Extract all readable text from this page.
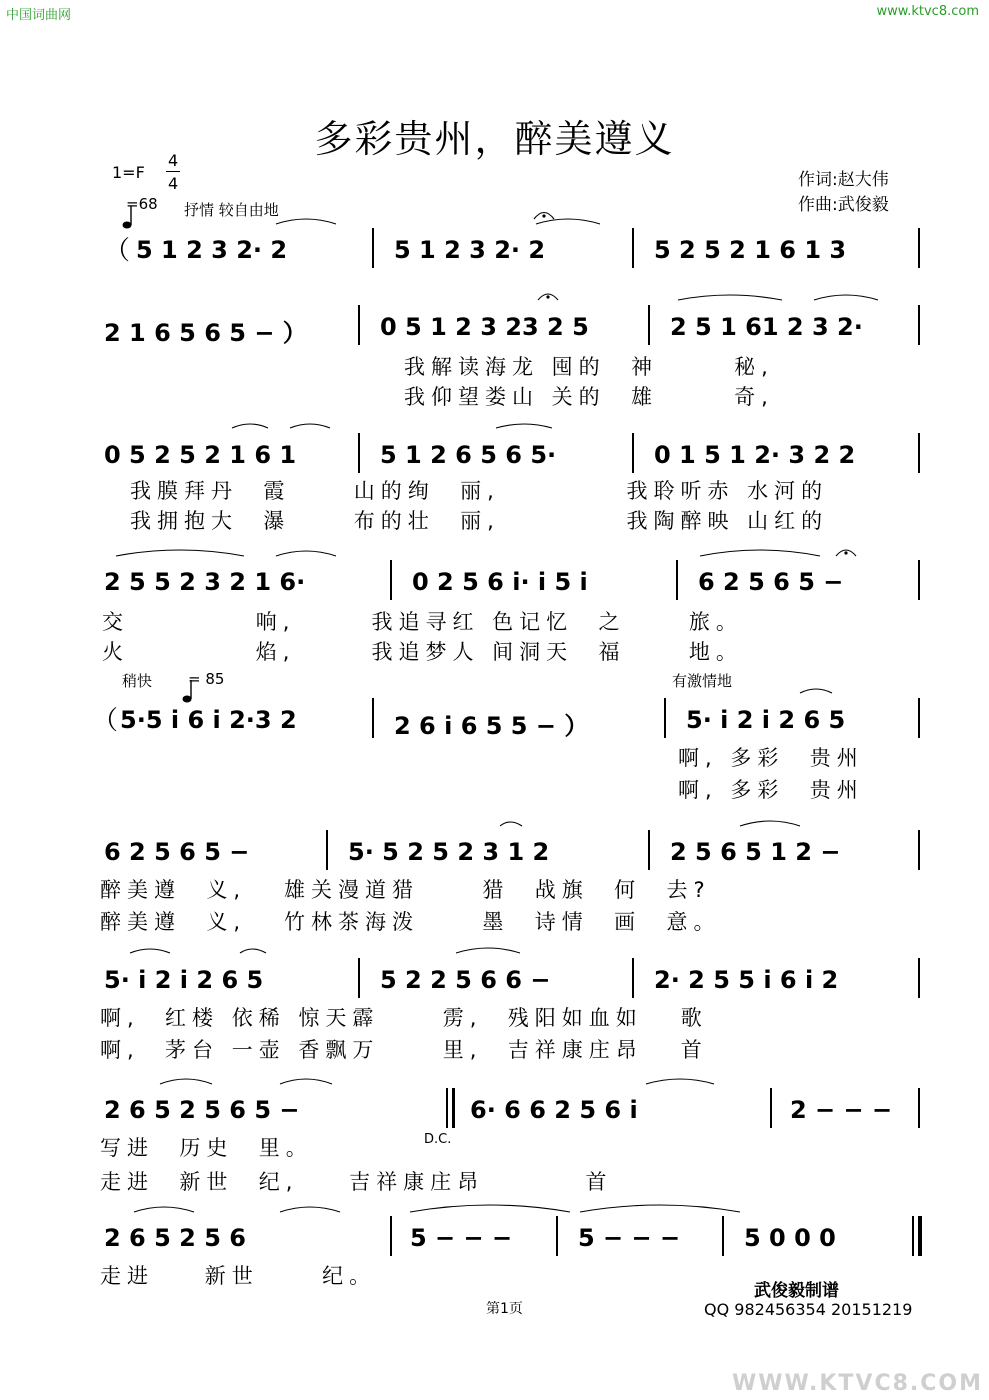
中国词曲网	www.ktvc8.com
多彩贵州，醉美遵义
1=F
4
4

=68 抒情 较自由地
作词:赵大伟
作曲:武俊毅
（ 5 1 2 3 2· 2	5 1 2 3 2· 2	5 2 5 2 1 6 1 3
2 1 6 5 6 5 − ）	0 5 1 2 3 23 2 5	2 5 1 61 2 3 2·
我解读海龙 囤的  神      秘,
我仰望娄山 关的  雄      奇,
0 5 2 5 2 1 6 1	5 1 2 6 5 6 5·	0 1 5 1 2· 3 2 2
我膜拜丹  霞     山的绚  丽,          我聆听赤 水河的
我拥抱大  瀑     布的壮  丽,          我陶醉映 山红的
2 5 5 2 3 2 1 6·	0 2 5 6 i· i 5 i	6 2 5 6 5 −
交          响,      我追寻红 色记忆  之     旅。
火          焰,      我追梦人 间洞天  福     地。
稍快

= 85	有激情地
（ 5·5 i 6 i 2·3 2	2 6 i 6 5 5 − ）	5· i 2 i 2 6 5
啊, 多彩  贵州
啊, 多彩  贵州
6 2 5 6 5 −	5· 5 2 5 2 3 1 2	2 5 6 5 1 2 −
醉美遵  义,   雄关漫道猎     猎  战旗  何  去?
醉美遵  义,   竹林茶海泼     墨  诗情  画  意。
5· i 2 i 2 6 5	5 2 2 5 6 6 −	2· 2 5 5 i 6 i 2
啊,  红楼 依稀 惊天霹     雳,  残阳如血如   歌
啊,  茅台 一壶 香飘万     里,  吉祥康庄昂   首
2 6 5 2 5 6 5 −	6· 6 6 2 5 6 i	2 − − −
D.C.
写进  历史  里。
走进  新世  纪,    吉祥康庄昂        首
2 6 5 2 5 6	5 − − −	5 − − −	5 0 0 0
走进    新世     纪。
武俊毅制谱
QQ 982456354 20151219
第1页
WWW.KTVC8.COM
